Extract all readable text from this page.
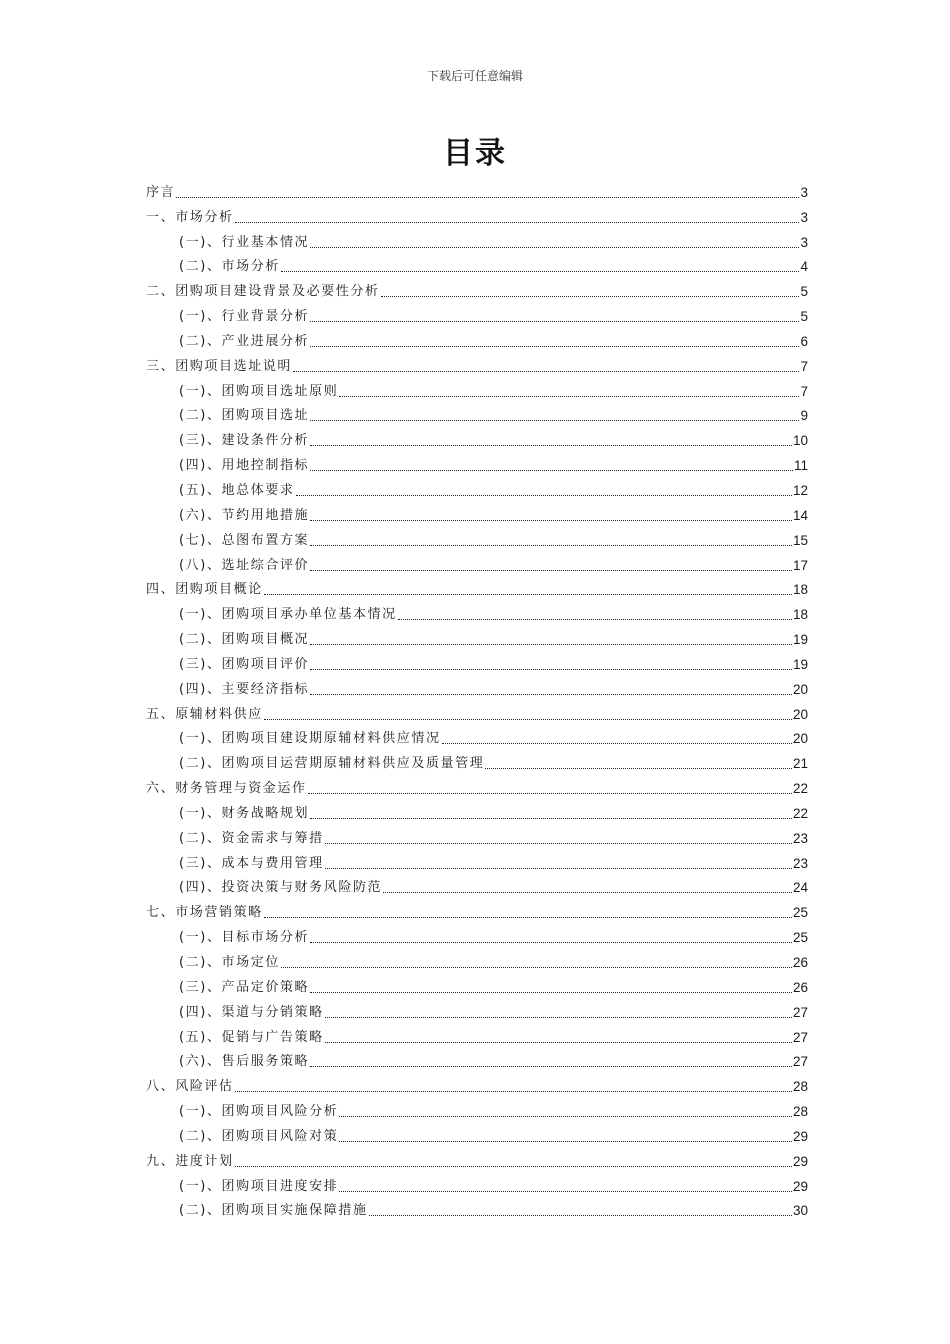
下载后可任意编辑
目录
序言	3
一、市场分析	3
(一)、行业基本情况	3
(二)、市场分析	4
二、团购项目建设背景及必要性分析	5
(一)、行业背景分析	5
(二)、产业进展分析	6
三、团购项目选址说明	7
(一)、团购项目选址原则	7
(二)、团购项目选址	9
(三)、建设条件分析	10
(四)、用地控制指标	11
(五)、地总体要求	12
(六)、节约用地措施	14
(七)、总图布置方案	15
(八)、选址综合评价	17
四、团购项目概论	18
(一)、团购项目承办单位基本情况	18
(二)、团购项目概况	19
(三)、团购项目评价	19
(四)、主要经济指标	20
五、原辅材料供应	20
(一)、团购项目建设期原辅材料供应情况	20
(二)、团购项目运营期原辅材料供应及质量管理	21
六、财务管理与资金运作	22
(一)、财务战略规划	22
(二)、资金需求与筹措	23
(三)、成本与费用管理	23
(四)、投资决策与财务风险防范	24
七、市场营销策略	25
(一)、目标市场分析	25
(二)、市场定位	26
(三)、产品定价策略	26
(四)、渠道与分销策略	27
(五)、促销与广告策略	27
(六)、售后服务策略	27
八、风险评估	28
(一)、团购项目风险分析	28
(二)、团购项目风险对策	29
九、进度计划	29
(一)、团购项目进度安排	29
(二)、团购项目实施保障措施	30
